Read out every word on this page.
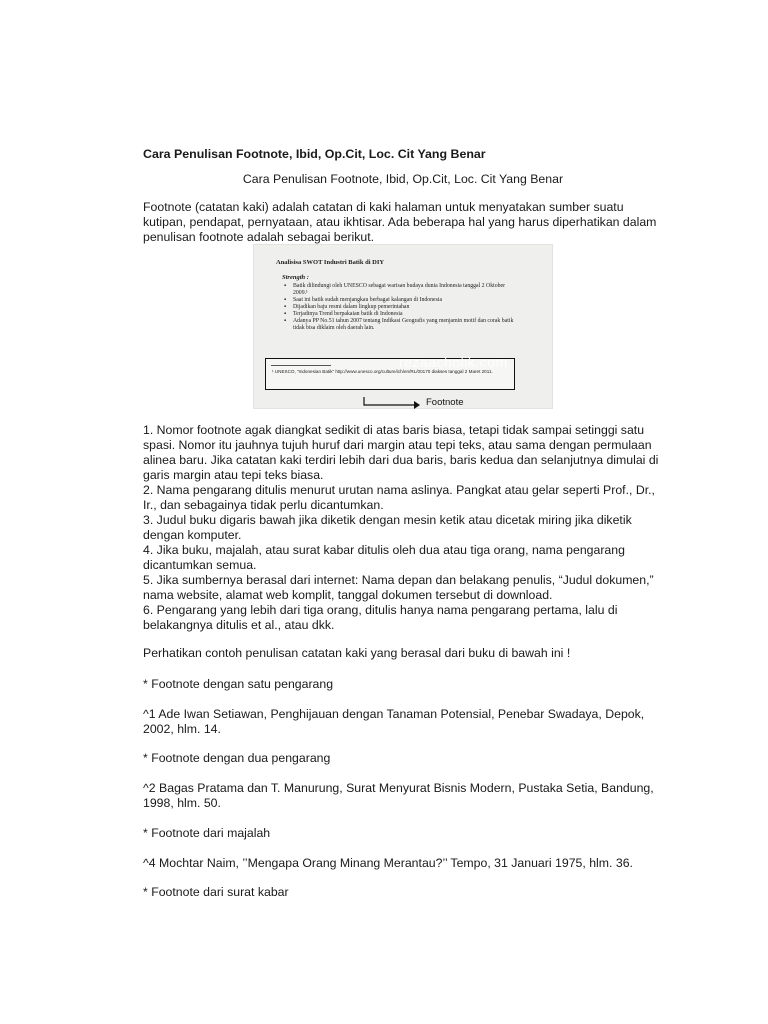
Cara Penulisan Footnote, Ibid, Op.Cit, Loc. Cit Yang Benar
Cara Penulisan Footnote, Ibid, Op.Cit, Loc. Cit Yang Benar

Footnote (catatan kaki) adalah catatan di kaki halaman untuk menyatakan sumber suatu kutipan, pendapat, pernyataan, atau ikhtisar. Ada beberapa hal yang harus diperhatikan dalam penulisan footnote adalah sebagai berikut.

Analisisa SWOT Industri Batik di DIY
Strength :
▪ Batik dilindungi oleh UNESCO sebagai warisan budaya dunia Indonesia tanggal 2 Oktober 2009.¹
▪ Saat ini batik sudah menjangkau berbagai kalangan di Indonesia
▪ Dijadikan baju resmi dalam lingkup pemerintahan
▪ Terjadinya Trend berpakaian batik di Indonesia
▪ Adanya PP No.51 tahun 2007 tentang Indikasi Geografis yang menjamin motif dan corak batik tidak bisa diklaim oleh daerah lain.
¹ UNESCO, “Indonesian Batik” http://www.unesco.org/culture/ich/en/RL/00170 diakses tanggal 2 Maret 2011.
rezaacholik.com
Footnote

1. Nomor footnote agak diangkat sedikit di atas baris biasa, tetapi tidak sampai setinggi satu spasi. Nomor itu jauhnya tujuh huruf dari margin atau tepi teks, atau sama dengan permulaan alinea baru. Jika catatan kaki terdiri lebih dari dua baris, baris kedua dan selanjutnya dimulai di garis margin atau tepi teks biasa.

2. Nama pengarang ditulis menurut urutan nama aslinya. Pangkat atau gelar seperti Prof., Dr., Ir., dan sebagainya tidak perlu dicantumkan.

3. Judul buku digaris bawah jika diketik dengan mesin ketik atau dicetak miring jika diketik dengan komputer.

4. Jika buku, majalah, atau surat kabar ditulis oleh dua atau tiga orang, nama pengarang dicantumkan semua.

5. Jika sumbernya berasal dari internet: Nama depan dan belakang penulis, “Judul dokumen,” nama website, alamat web komplit, tanggal dokumen tersebut di download.

6. Pengarang yang lebih dari tiga orang, ditulis hanya nama pengarang pertama, lalu di belakangnya ditulis et al., atau dkk.

Perhatikan contoh penulisan catatan kaki yang berasal dari buku di bawah ini !

* Footnote dengan satu pengarang

^1 Ade Iwan Setiawan, Penghijauan dengan Tanaman Potensial, Penebar Swadaya, Depok, 2002, hlm. 14.

* Footnote dengan dua pengarang

^2 Bagas Pratama dan T. Manurung, Surat Menyurat Bisnis Modern, Pustaka Setia, Bandung, 1998, hlm. 50.

* Footnote dari majalah

^4 Mochtar Naim, ’’Mengapa Orang Minang Merantau?’’ Tempo, 31 Januari 1975, hlm. 36.

* Footnote dari surat kabar
